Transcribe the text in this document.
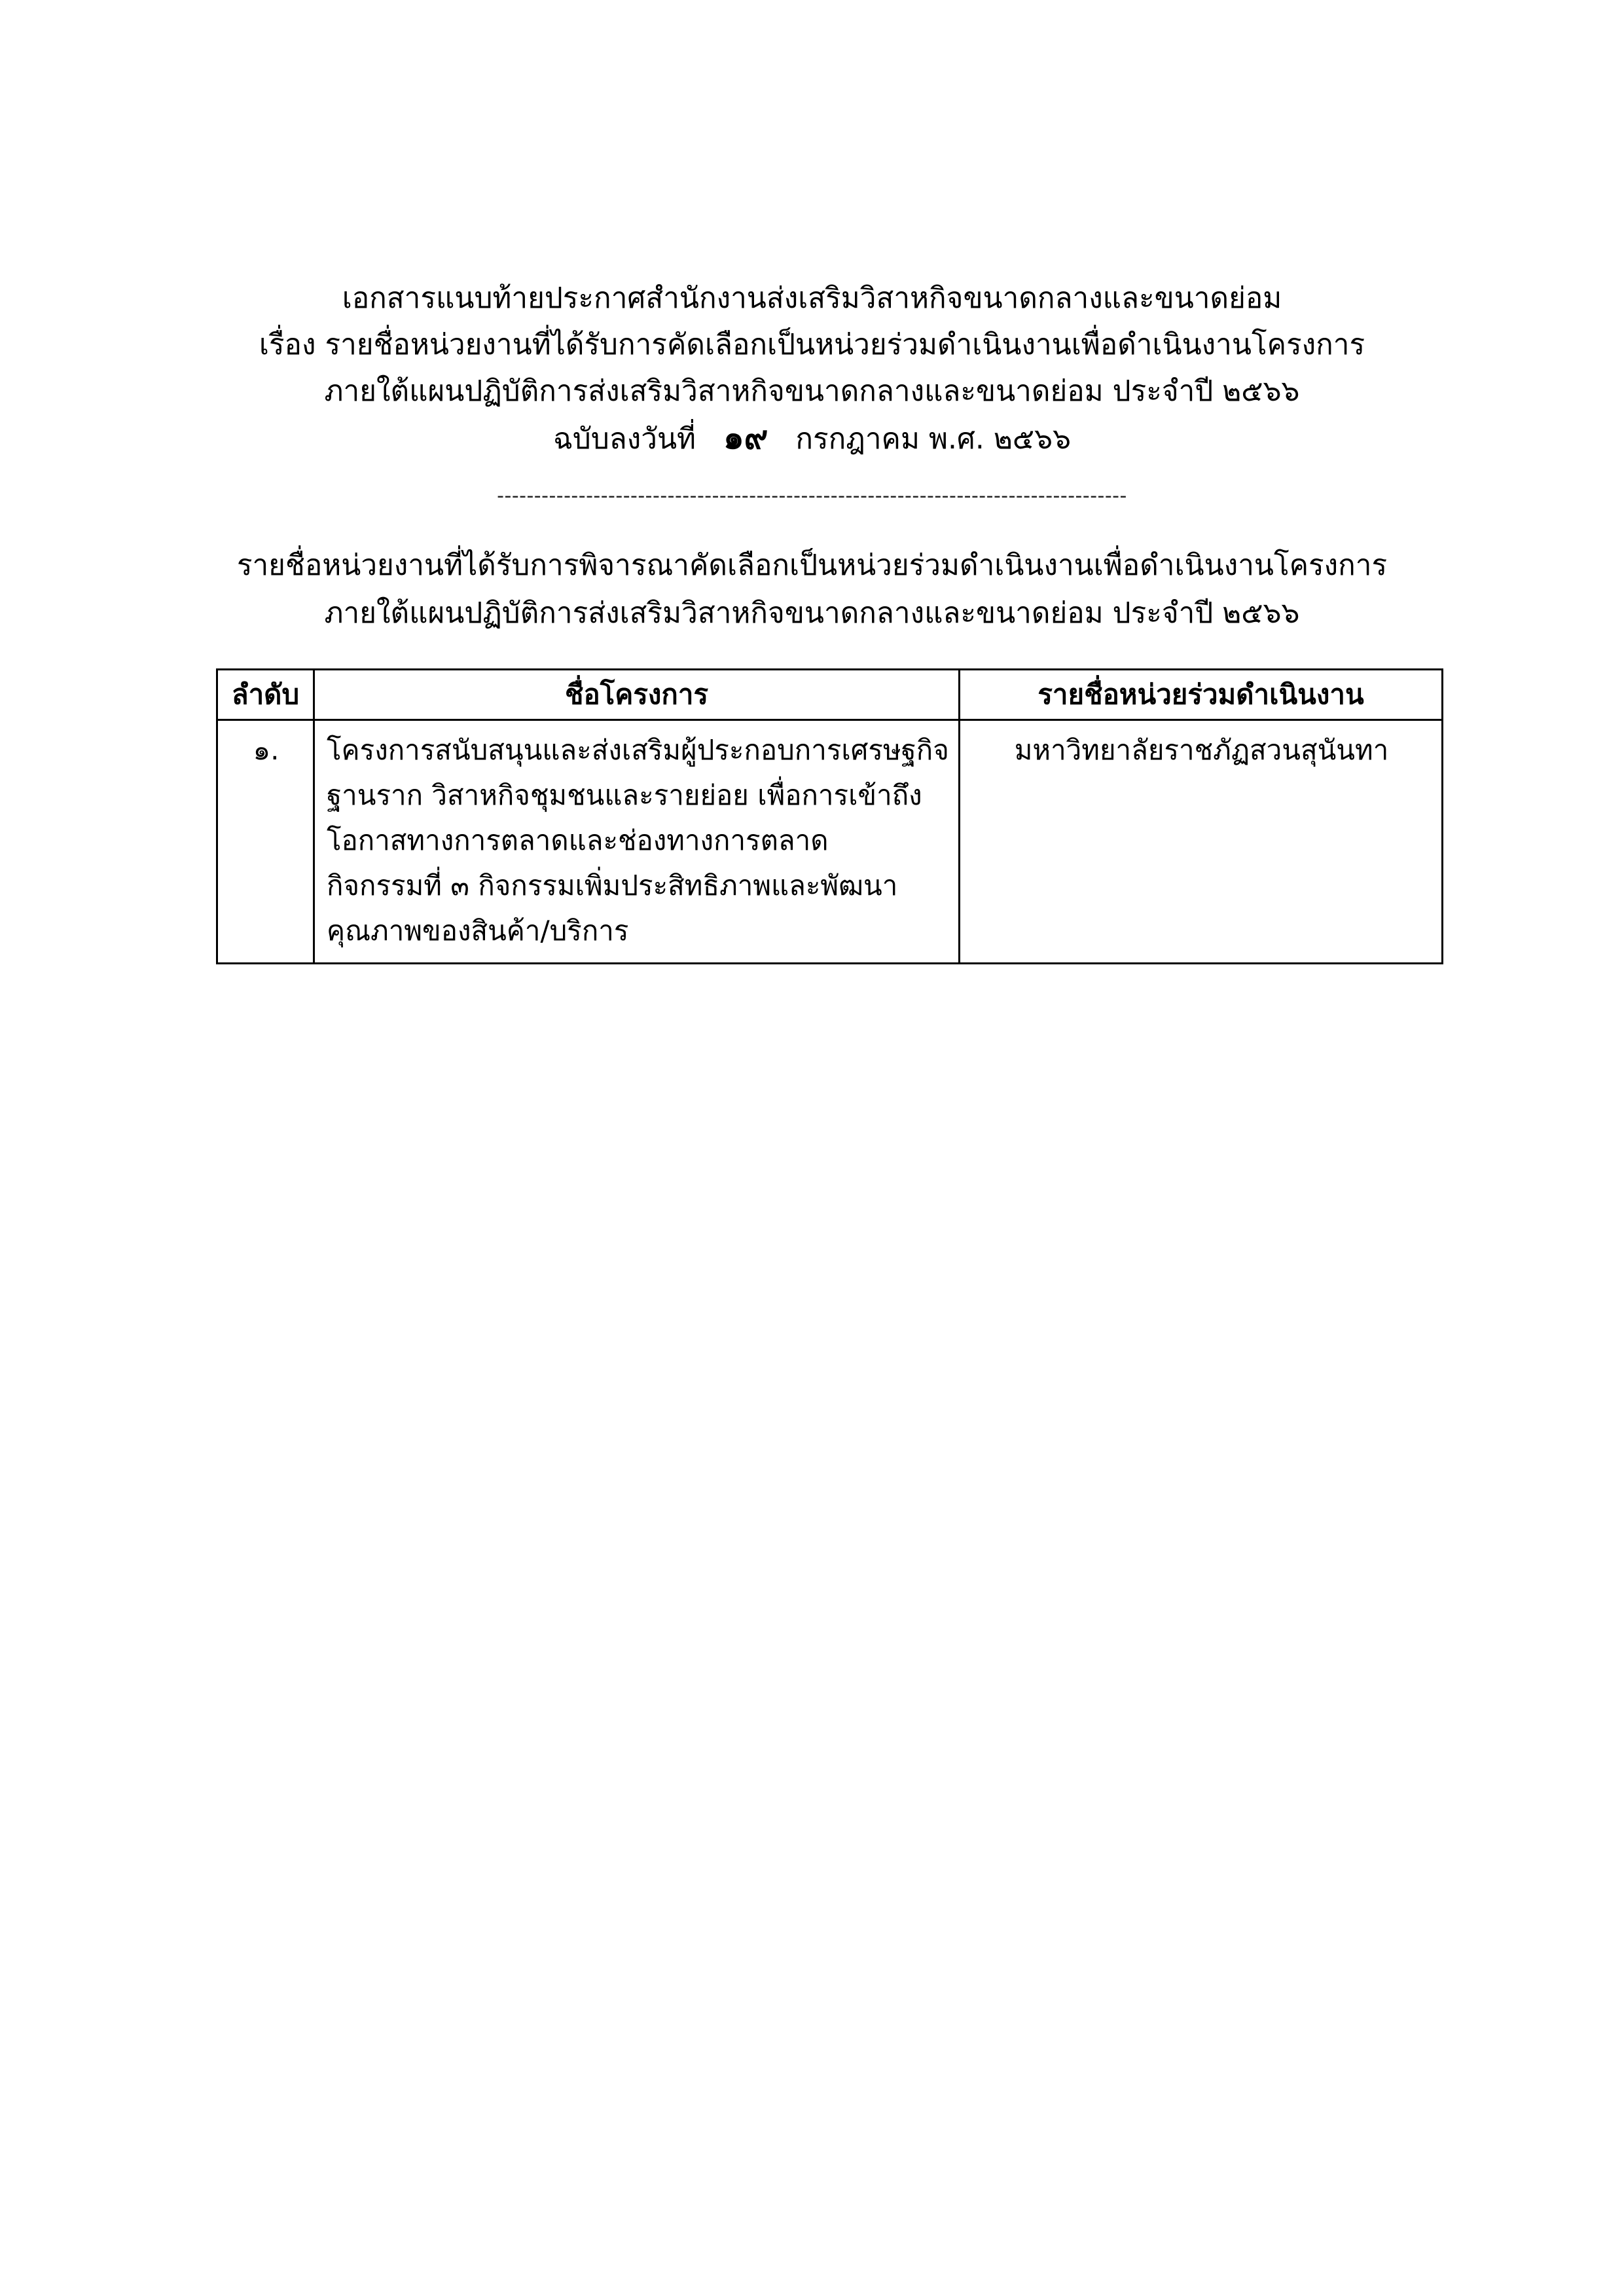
เอกสารแนบท้ายประกาศสำนักงานส่งเสริมวิสาหกิจขนาดกลางและขนาดย่อม
เรื่อง รายชื่อหน่วยงานที่ได้รับการคัดเลือกเป็นหน่วยร่วมดำเนินงานเพื่อดำเนินงานโครงการ
ภายใต้แผนปฏิบัติการส่งเสริมวิสาหกิจขนาดกลางและขนาดย่อม ประจำปี ๒๕๖๖
ฉบับลงวันที่ ๑๙ กรกฎาคม พ.ศ. ๒๕๖๖
-------------------------------------------------------------------------------------
รายชื่อหน่วยงานที่ได้รับการพิจารณาคัดเลือกเป็นหน่วยร่วมดำเนินงานเพื่อดำเนินงานโครงการ
ภายใต้แผนปฏิบัติการส่งเสริมวิสาหกิจขนาดกลางและขนาดย่อม ประจำปี ๒๕๖๖
ลำดับ	ชื่อโครงการ	รายชื่อหน่วยร่วมดำเนินงาน
๑.	โครงการสนับสนุนและส่งเสริมผู้ประกอบการเศรษฐกิจ
ฐานราก วิสาหกิจชุมชนและรายย่อย เพื่อการเข้าถึง
โอกาสทางการตลาดและช่องทางการตลาด
กิจกรรมที่ ๓ กิจกรรมเพิ่มประสิทธิภาพและพัฒนา
คุณภาพของสินค้า/บริการ	มหาวิทยาลัยราชภัฏสวนสุนันทา
